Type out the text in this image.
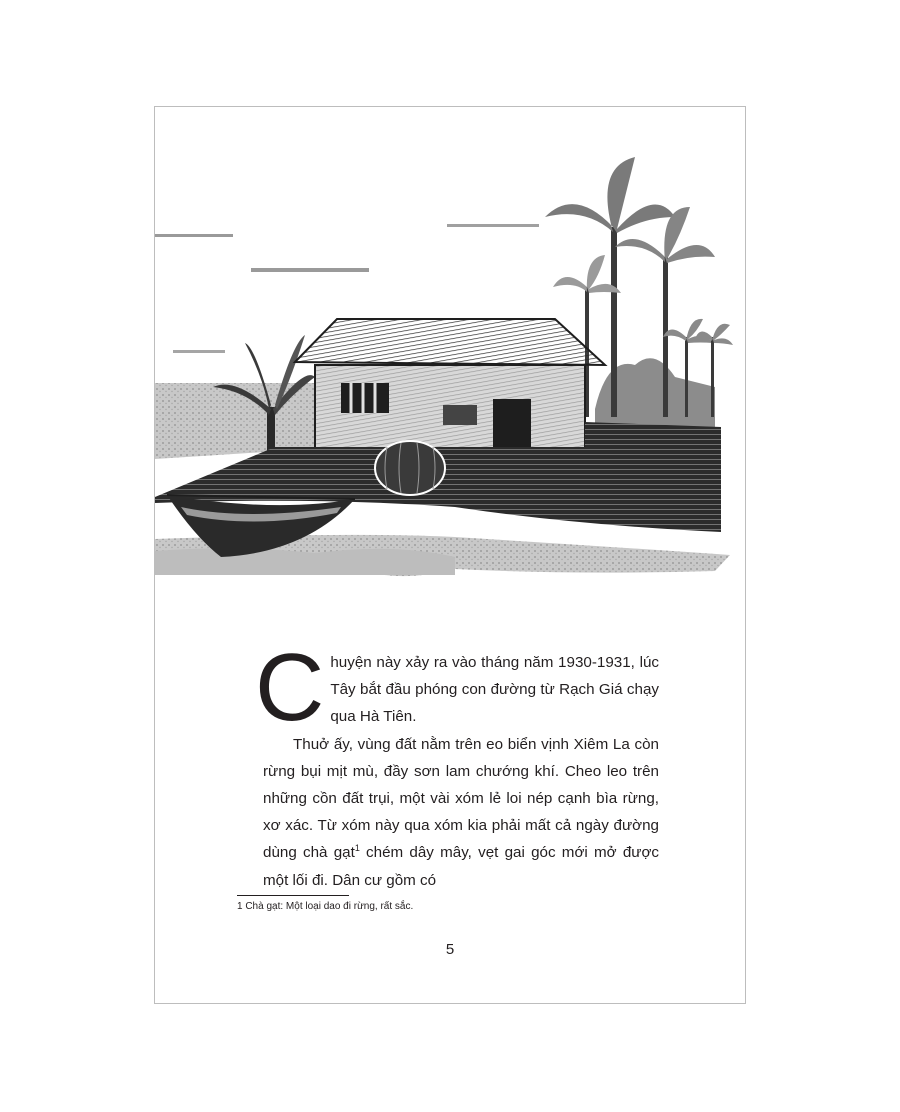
Chuyện này xảy ra vào tháng năm 1930-1931, lúc Tây bắt đầu phóng con đường từ Rạch Giá chạy qua Hà Tiên.

Thuở ấy, vùng đất nằm trên eo biển vịnh Xiêm La còn rừng bụi mịt mù, đầy sơn lam chướng khí. Cheo leo trên những cồn đất trụi, một vài xóm lẻ loi nép cạnh bìa rừng, xơ xác. Từ xóm này qua xóm kia phải mất cả ngày đường dùng chà gạt$^1$ chém dây mây, vẹt gai góc mới mở được một lối đi. Dân cư gồm có

1 Chà gạt: Một loại dao đi rừng, rất sắc.
5
